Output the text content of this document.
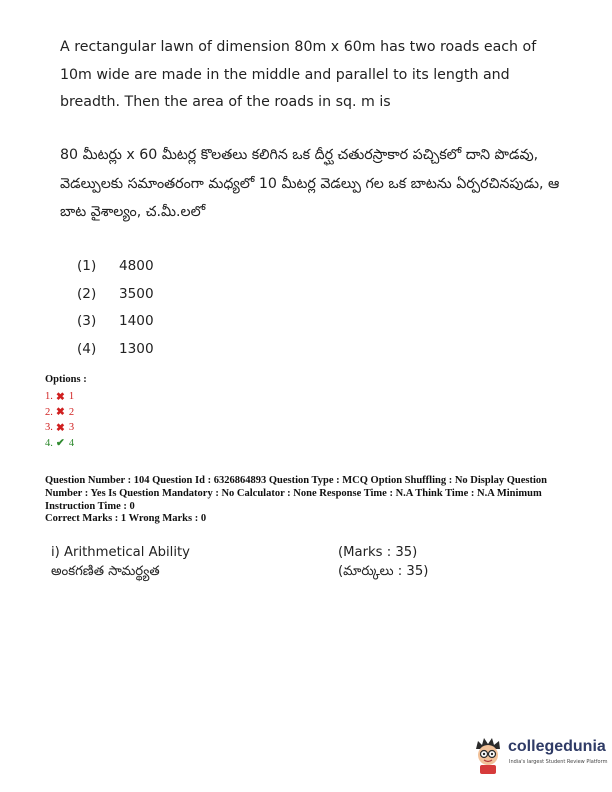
A rectangular lawn of dimension 80m x 60m has two roads each of 10m wide are made in the middle and parallel to its length and breadth. Then the area of the roads in sq. m is
80 మీటర్లు x 60 మీటర్ల కొలతలు కలిగిన ఒక దీర్ఘ చతురస్రాకార పచ్చికలో దాని పొడవు, వెడల్పులకు సమాంతరంగా మధ్యలో 10 మీటర్ల వెడల్పు గల ఒక బాటను ఏర్పరచినపుడు, ఆ బాట వైశాల్యం, చ.మీ.లలో
(1)	4800
(2)	3500
(3)	1400
(4)	1300
Options :
1. ✖ 1
2. ✖ 2
3. ✖ 3
4. ✔ 4
Question Number : 104 Question Id : 6326864893 Question Type : MCQ Option Shuffling : No Display Question Number : Yes Is Question Mandatory : No Calculator : None Response Time : N.A Think Time : N.A Minimum Instruction Time : 0
Correct Marks : 1 Wrong Marks : 0
i) Arithmetical Ability	(Marks : 35)
అంకగణిత సామర్థ్యత	(మార్కులు : 35)
collegedunia
India's largest Student Review Platform
